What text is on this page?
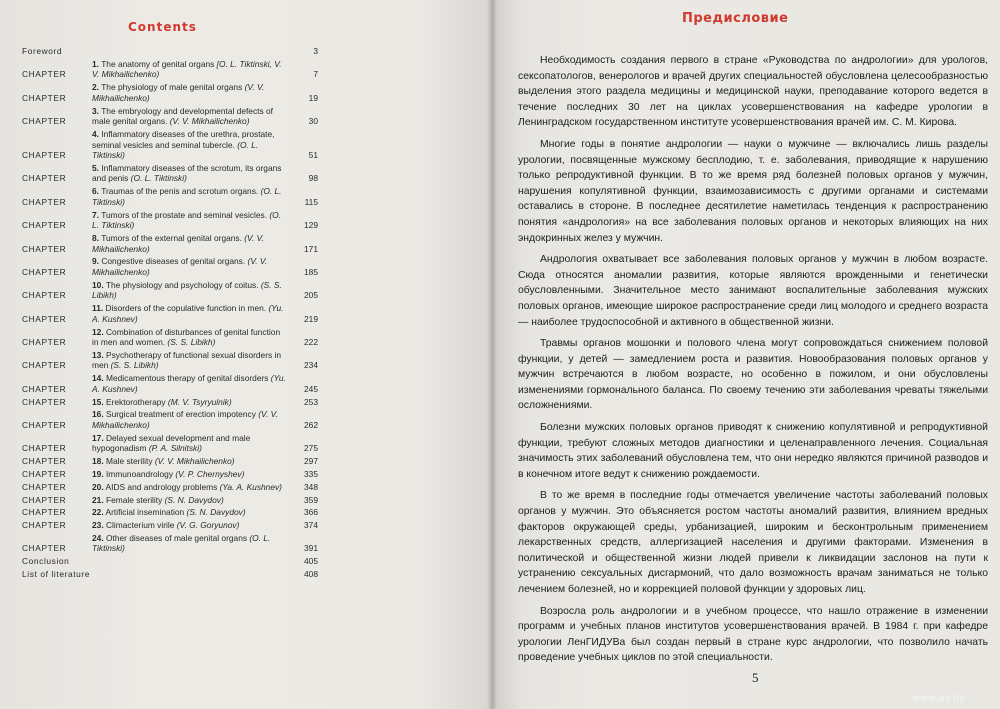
Contents
Foreword	3
CHAPTER
1. The anatomy of genital organs [O. L. Tiktinski, V. V. Mikhailichenko)	7
CHAPTER
2. The physiology of male genital organs (V. V. Mikhailichenko)	19
CHAPTER
3. The embryology and developmental defects of male genital organs. (V. V. Mikhailichenko)	30
CHAPTER
4. Inflammatory diseases of the urethra, prostate, seminal vesicles and seminal tubercle. (O. L. Tiktinski)	51
CHAPTER
5. Inflammatory diseases of the scrotum, its organs and penis (O. L. Tiktinski)	98
CHAPTER
6. Traumas of the penis and scrotum organs. (O. L. Tiktinski)	115
CHAPTER
7. Tumors of the prostate and seminal vesicles. (O. L. Tiktinski)	129
CHAPTER
8. Tumors of the external genital organs. (V. V. Mikhailichenko)	171
CHAPTER
9. Congestive diseases of genital organs. (V. V. Mikhailichenko)	185
CHAPTER
10. The physiology and psychology of coitus. (S. S. Libikh)	205
CHAPTER
11. Disorders of the copulative function in men. (Yu. A. Kushnev)	219
CHAPTER
12. Combination of disturbances of genital function in men and women. (S. S. Libikh)	222
CHAPTER
13. Psychotherapy of functional sexual disorders in men (S. S. Libikh)	234
CHAPTER
14. Medicamentous therapy of genital disorders (Yu. A. Kushnev)	245
CHAPTER	15. Erektorotherapy (M. V. Tsyryulnik)	253
CHAPTER
16. Surgical treatment of erection impotency (V. V. Mikhailichenko)	262
CHAPTER
17. Delayed sexual development and male hypogonadism (P. A. Silnitski)	275
CHAPTER	18. Male sterility (V. V. Mikhailichenko)	297
CHAPTER	19. Immunoandrology (V. P. Chernyshev)	335
CHAPTER	20. AIDS and andrology problems (Ya. A. Kushnev)	348
CHAPTER	21. Female sterility (S. N. Davydov)	359
CHAPTER	22. Artificial insemination (S. N. Davydov)	366
CHAPTER	23. Climacterium virile (V. G. Goryunov)	374
CHAPTER
24. Other diseases of male genital organs (O. L. Tiktinski)	391
Conclusion	405
List of literature	408
Предисловие

Необходимость создания первого в стране «Руководства по андрологии» для урологов, сексопатологов, венерологов и врачей других специальностей обусловлена целесообразностью выделения этого раздела медицины и медицинской науки, преподавание которого ведется в течение последних 30 лет на циклах усовершенствования на кафедре урологии в Ленинградском государственном институте усовершенствования врачей им. С. М. Кирова.

Многие годы в понятие андрологии — науки о мужчине — включались лишь разделы урологии, посвященные мужскому бесплодию, т. е. заболевания, приводящие к нарушению только репродуктивной функции. В то же время ряд болезней половых органов у мужчин, нарушения копулятивной функции, взаимозависимость с другими органами и системами оставались в стороне. В последнее десятилетие наметилась тенденция к распространению понятия «андрология» на все заболевания половых органов и некоторых влияющих на них эндокринных желез у мужчин.

Андрология охватывает все заболевания половых органов у мужчин в любом возрасте. Сюда относятся аномалии развития, которые являются врожденными и генетически обусловленными. Значительное место занимают воспалительные заболевания мужских половых органов, имеющие широкое распространение среди лиц молодого и среднего возраста — наиболее трудоспособной и активного в общественной жизни.

Травмы органов мошонки и полового члена могут сопровождаться снижением половой функции, у детей — замедлением роста и развития. Новообразования половых органов у мужчин встречаются в любом возрасте, но особенно в пожилом, и они обусловлены изменениями гормонального баланса. По своему течению эти заболевания чреваты тяжелыми осложнениями.

Болезни мужских половых органов приводят к снижению копулятивной и репродуктивной функции, требуют сложных методов диагностики и целенаправленного лечения. Социальная значимость этих заболеваний обусловлена тем, что они нередко являются причиной разводов и в конечном итоге ведут к снижению рождаемости.

В то же время в последние годы отмечается увеличение частоты заболеваний половых органов у мужчин. Это объясняется ростом частоты аномалий развития, влиянием вредных факторов окружающей среды, урбанизацией, широким и бесконтрольным применением лекарственных средств, аллергизацией населения и другими факторами. Изменения в политической и общественной жизни людей привели к ликвидации заслонов на пути к устранению сексуальных дисгармоний, что дало возможность врачам заниматься не только лечением болезней, но и коррекцией половой функции у здоровых лиц.

Возросла роль андрологии и в учебном процессе, что нашло отражение в изменении программ и учебных планов институтов усовершенствования врачей. В 1984 г. при кафедре урологии ЛенГИДУВа был создан первый в стране курс андрологии, что позволило начать проведение учебных циклов по этой специальности.

5
www.ay.by
